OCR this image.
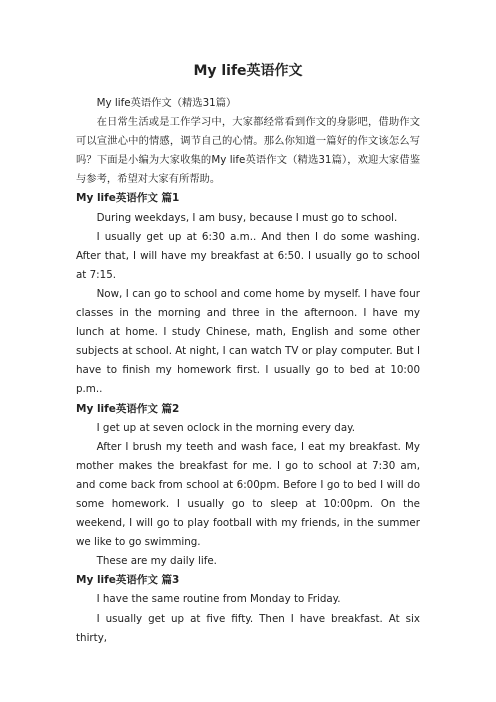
My life英语作文

My life英语作文（精选31篇）

在日常生活或是工作学习中，大家都经常看到作文的身影吧，借助作文可以宣泄心中的情感，调节自己的心情。那么你知道一篇好的作文该怎么写吗？下面是小编为大家收集的My life英语作文（精选31篇），欢迎大家借鉴与参考，希望对大家有所帮助。

My life英语作文 篇1

During weekdays, I am busy, because I must go to school.

I usually get up at 6:30 a.m.. And then I do some washing. After that, I will have my breakfast at 6:50. I usually go to school at 7:15.

Now, I can go to school and come home by myself. I have four classes in the morning and three in the afternoon. I have my lunch at home. I study Chinese, math, English and some other subjects at school. At night, I can watch TV or play computer. But I have to finish my homework first. I usually go to bed at 10:00 p.m..

My life英语作文 篇2

I get up at seven oclock in the morning every day.

After I brush my teeth and wash face, I eat my breakfast. My mother makes the breakfast for me. I go to school at 7:30 am, and come back from school at 6:00pm. Before I go to bed I will do some homework. I usually go to sleep at 10:00pm. On the weekend, I will go to play football with my friends, in the summer we like to go swimming.

These are my daily life.

My life英语作文 篇3

I have the same routine from Monday to Friday.

I usually get up at five fifty. Then I have breakfast. At six thirty,
